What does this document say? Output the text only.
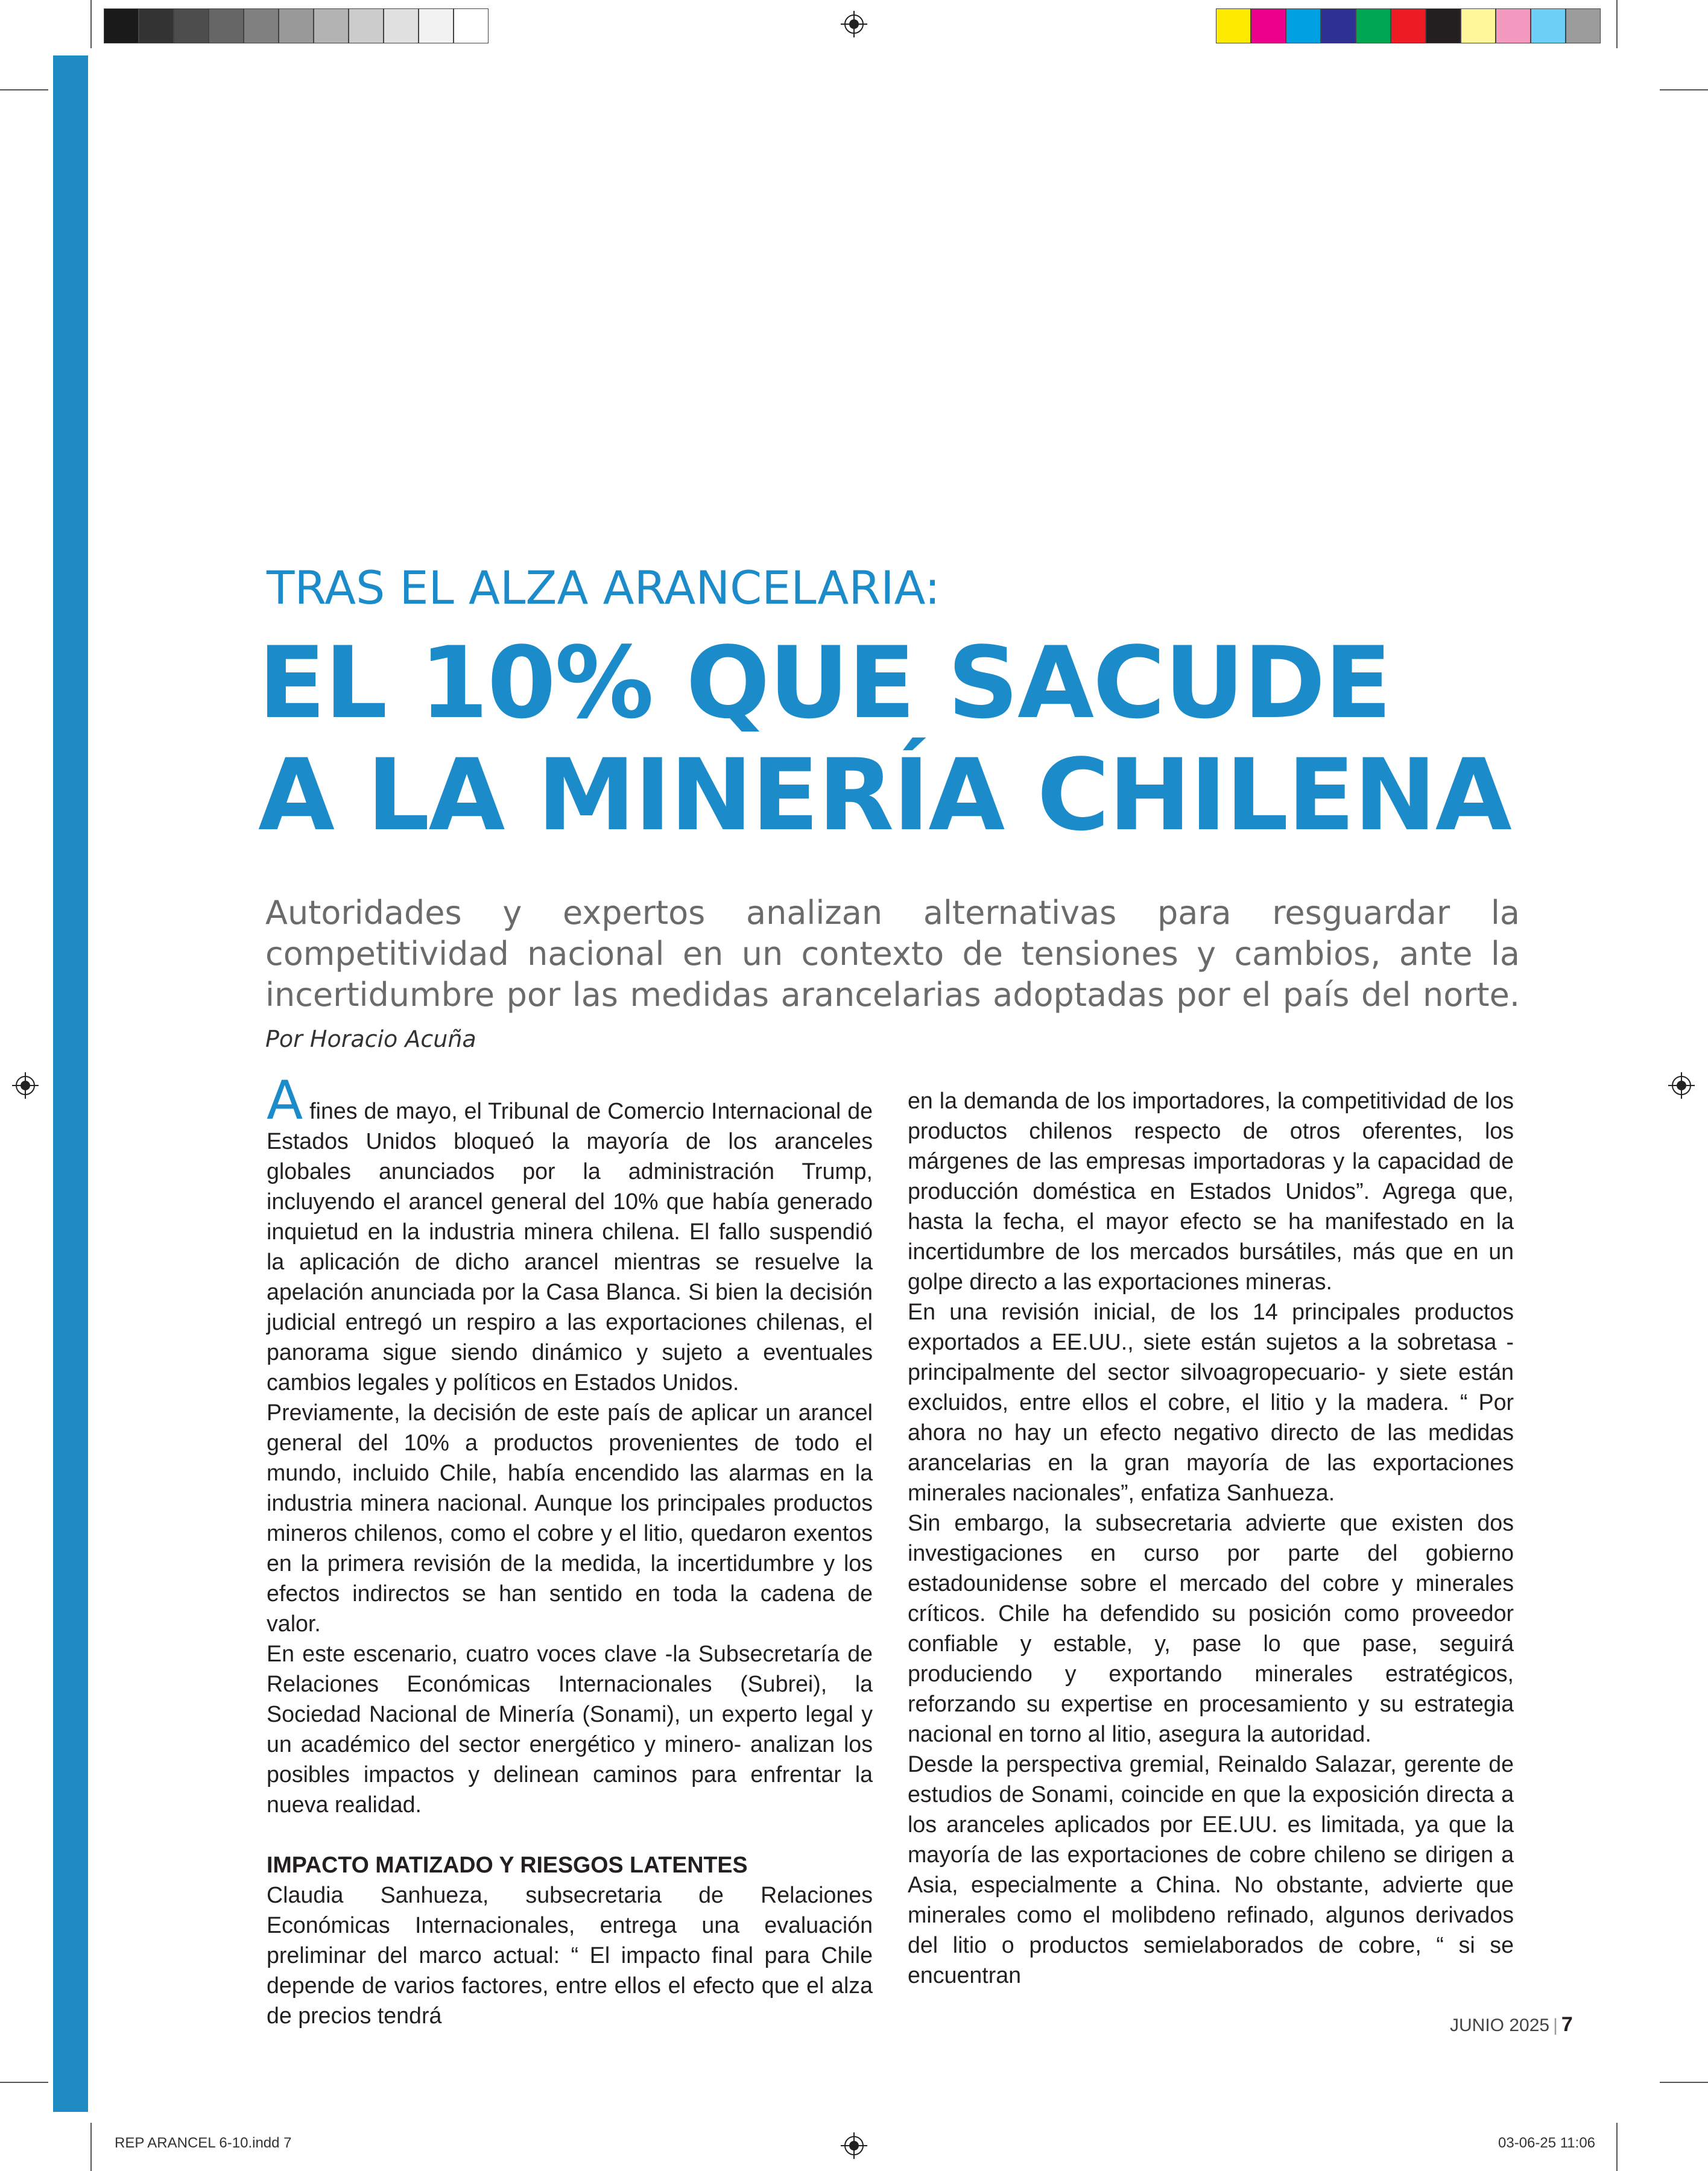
TRAS EL ALZA ARANCELARIA:
EL 10% QUE SACUDE
A LA MINERÍA CHILENA
Autoridades y expertos analizan alternativas para resguardar la competitividad nacional en un contexto de tensiones y cambios, ante la incertidumbre por las medidas arancelarias adoptadas por el país del norte. Por Horacio Acuña

A fines de mayo, el Tribunal de Comercio Internacional de Estados Unidos bloqueó la mayoría de los aranceles globales anunciados por la administración Trump, incluyendo el arancel general del 10% que había generado inquietud en la industria minera chilena. El fallo suspendió la aplicación de dicho arancel mientras se resuelve la apelación anunciada por la Casa Blanca. Si bien la decisión judicial entregó un respiro a las exportaciones chilenas, el panorama sigue siendo dinámico y sujeto a eventuales cambios legales y políticos en Estados Unidos.

Previamente, la decisión de este país de aplicar un arancel general del 10% a productos provenientes de todo el mundo, incluido Chile, había encendido las alarmas en la industria minera nacional. Aunque los principales productos mineros chilenos, como el cobre y el litio, quedaron exentos en la primera revisión de la medida, la incertidumbre y los efectos indirectos se han sentido en toda la cadena de valor.

En este escenario, cuatro voces clave -la Subsecretaría de Relaciones Económicas Internacionales (Subrei), la Sociedad Nacional de Minería (Sonami), un experto legal y un académico del sector energético y minero- analizan los posibles impactos y delinean caminos para enfrentar la nueva realidad.

IMPACTO MATIZADO Y RIESGOS LATENTES

Claudia Sanhueza, subsecretaria de Relaciones Económicas Internacionales, entrega una evaluación preliminar del marco actual: “ El impacto final para Chile depende de varios factores, entre ellos el efecto que el alza de precios tendrá

en la demanda de los importadores, la competitividad de los productos chilenos respecto de otros oferentes, los márgenes de las empresas importadoras y la capacidad de producción doméstica en Estados Unidos”. Agrega que, hasta la fecha, el mayor efecto se ha manifestado en la incertidumbre de los mercados bursátiles, más que en un golpe directo a las exportaciones mineras.

En una revisión inicial, de los 14 principales productos exportados a EE.UU., siete están sujetos a la sobretasa -principalmente del sector silvoagropecuario- y siete están excluidos, entre ellos el cobre, el litio y la madera. “ Por ahora no hay un efecto negativo directo de las medidas arancelarias en la gran mayoría de las exportaciones minerales nacionales”, enfatiza Sanhueza.

Sin embargo, la subsecretaria advierte que existen dos investigaciones en curso por parte del gobierno estadounidense sobre el mercado del cobre y minerales críticos. Chile ha defendido su posición como proveedor confiable y estable, y, pase lo que pase, seguirá produciendo y exportando minerales estratégicos, reforzando su expertise en procesamiento y su estrategia nacional en torno al litio, asegura la autoridad.

Desde la perspectiva gremial, Reinaldo Salazar, gerente de estudios de Sonami, coincide en que la exposición directa a los aranceles aplicados por EE.UU. es limitada, ya que la mayoría de las exportaciones de cobre chileno se dirigen a Asia, especialmente a China. No obstante, advierte que minerales como el molibdeno refinado, algunos derivados del litio o productos semielaborados de cobre, “ si se encuentran

JUNIO 2025 | 7
REP ARANCEL 6-10.indd 7	03-06-25 11:06
